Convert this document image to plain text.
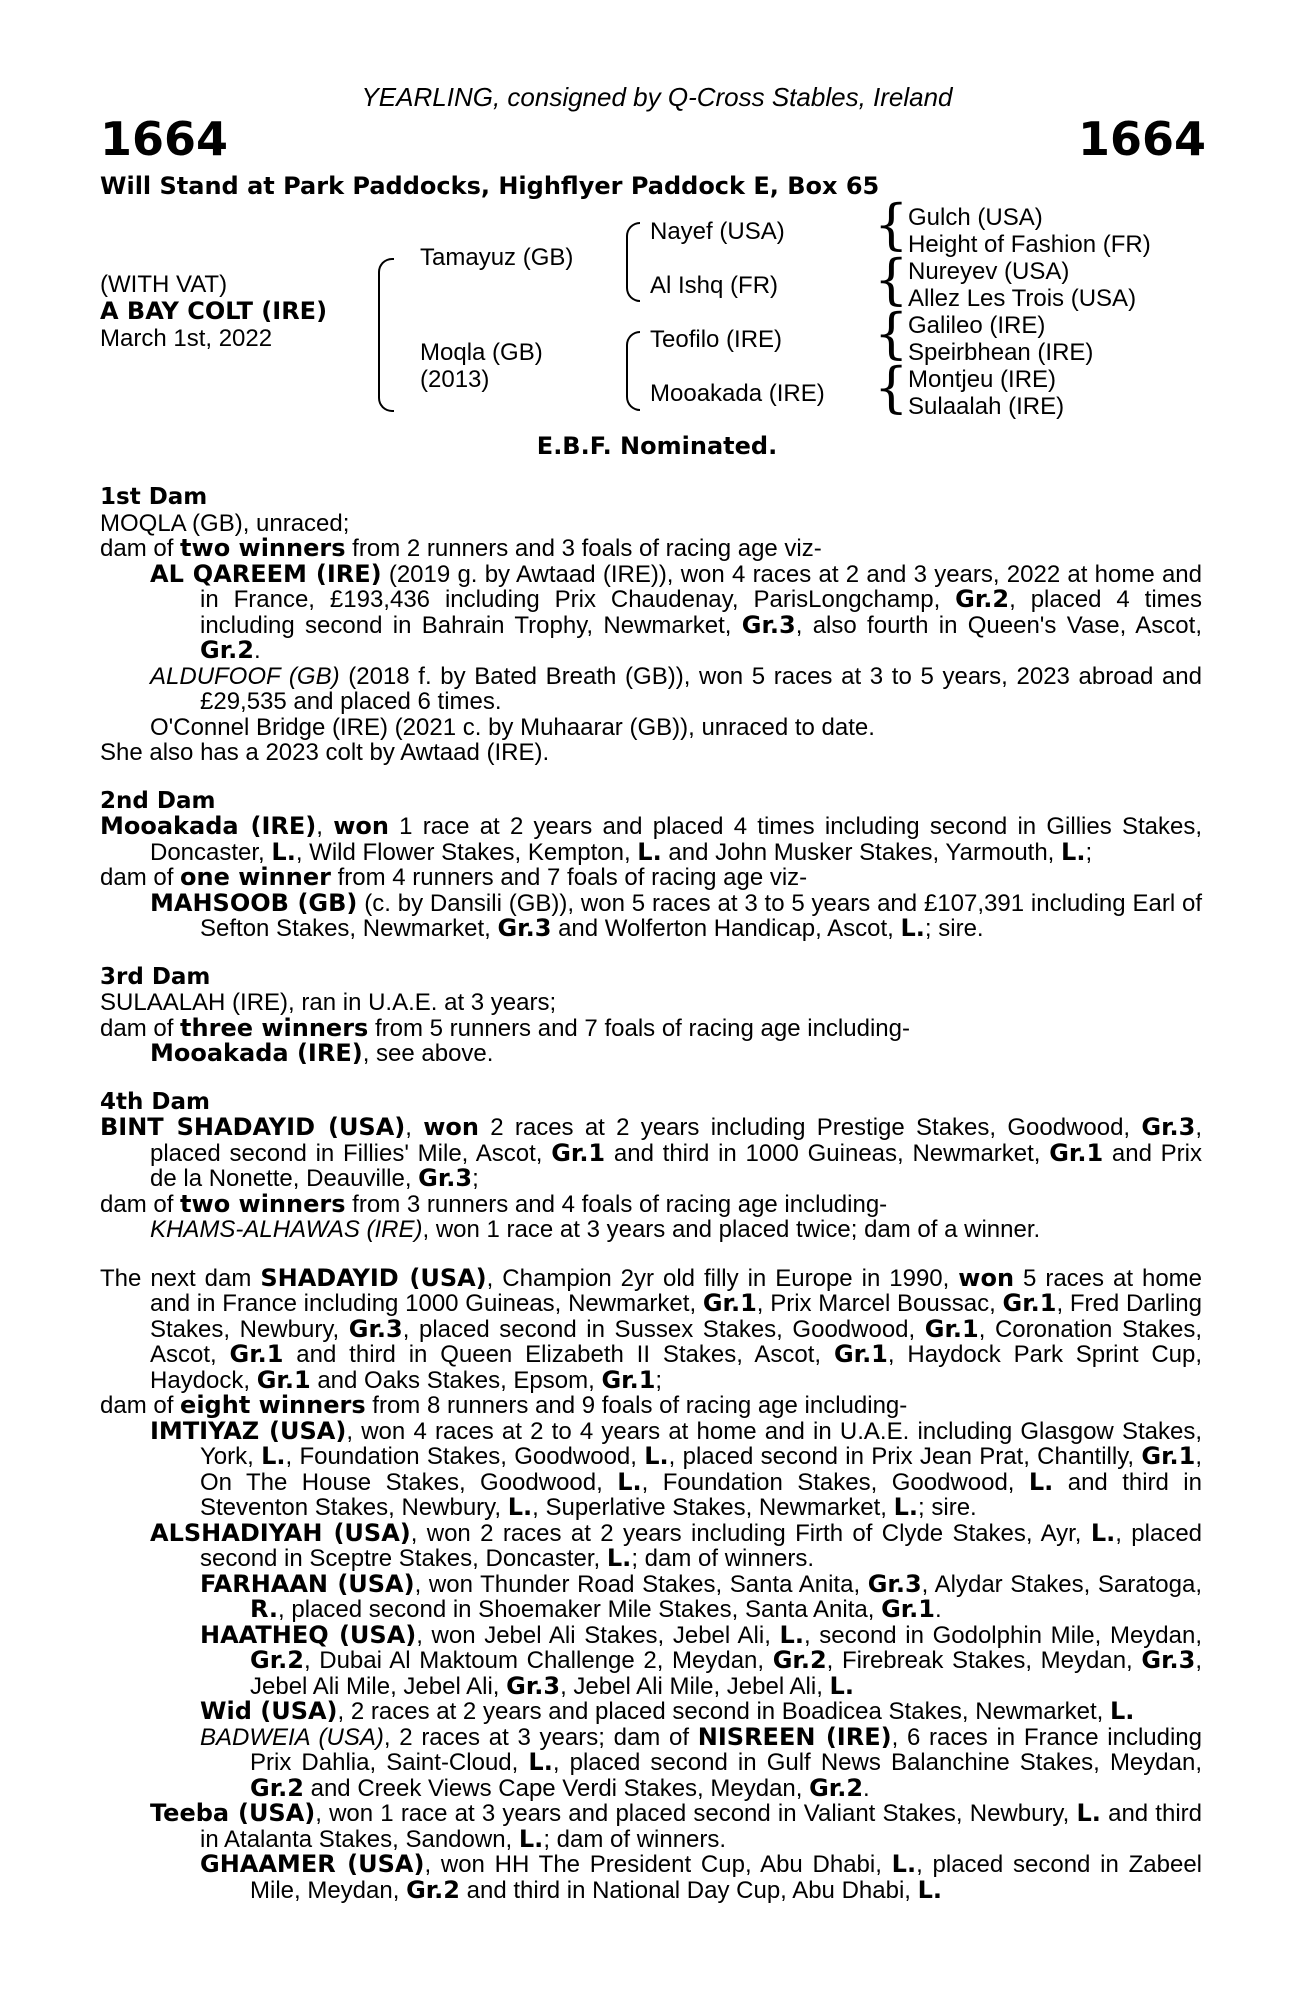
YEARLING, consigned by Q-Cross Stables, Ireland
1664	1664
Will Stand at Park Paddocks, Highflyer Paddock E, Box 65
(WITH VAT)
A BAY COLT (IRE)
March 1st, 2022
{
{
{
{
Tamayuz (GB)
Moqla (GB)
(2013)
Nayef (USA)
Al Ishq (FR)
Teofilo (IRE)
Mooakada (IRE)
Gulch (USA)
Height of Fashion (FR)
Nureyev (USA)
Allez Les Trois (USA)
Galileo (IRE)
Speirbhean (IRE)
Montjeu (IRE)
Sulaalah (IRE)
E.B.F. Nominated.

1st Dam

MOQLA (GB), unraced;

dam of two winners from 2 runners and 3 foals of racing age viz-

AL QAREEM (IRE) (2019 g. by Awtaad (IRE)), won 4 races at 2 and 3 years, 2022 at home and in France, £193,436 including Prix Chaudenay, ParisLongchamp, Gr.2, placed 4 times including second in Bahrain Trophy, Newmarket, Gr.3, also fourth in Queen's Vase, Ascot, Gr.2.

ALDUFOOF (GB) (2018 f. by Bated Breath (GB)), won 5 races at 3 to 5 years, 2023 abroad and £29,535 and placed 6 times.

O'Connel Bridge (IRE) (2021 c. by Muhaarar (GB)), unraced to date.

She also has a 2023 colt by Awtaad (IRE).

2nd Dam

Mooakada (IRE), won 1 race at 2 years and placed 4 times including second in Gillies Stakes, Doncaster, L., Wild Flower Stakes, Kempton, L. and John Musker Stakes, Yarmouth, L.;

dam of one winner from 4 runners and 7 foals of racing age viz-

MAHSOOB (GB) (c. by Dansili (GB)), won 5 races at 3 to 5 years and £107,391 including Earl of Sefton Stakes, Newmarket, Gr.3 and Wolferton Handicap, Ascot, L.; sire.

3rd Dam

SULAALAH (IRE), ran in U.A.E. at 3 years;

dam of three winners from 5 runners and 7 foals of racing age including-

Mooakada (IRE), see above.

4th Dam

BINT SHADAYID (USA), won 2 races at 2 years including Prestige Stakes, Goodwood, Gr.3, placed second in Fillies' Mile, Ascot, Gr.1 and third in 1000 Guineas, Newmarket, Gr.1 and Prix de la Nonette, Deauville, Gr.3;

dam of two winners from 3 runners and 4 foals of racing age including-

KHAMS-ALHAWAS (IRE), won 1 race at 3 years and placed twice; dam of a winner.

The next dam SHADAYID (USA), Champion 2yr old filly in Europe in 1990, won 5 races at home and in France including 1000 Guineas, Newmarket, Gr.1, Prix Marcel Boussac, Gr.1, Fred Darling Stakes, Newbury, Gr.3, placed second in Sussex Stakes, Goodwood, Gr.1, Coronation Stakes, Ascot, Gr.1 and third in Queen Elizabeth II Stakes, Ascot, Gr.1, Haydock Park Sprint Cup, Haydock, Gr.1 and Oaks Stakes, Epsom, Gr.1;

dam of eight winners from 8 runners and 9 foals of racing age including-

IMTIYAZ (USA), won 4 races at 2 to 4 years at home and in U.A.E. including Glasgow Stakes, York, L., Foundation Stakes, Goodwood, L., placed second in Prix Jean Prat, Chantilly, Gr.1, On The House Stakes, Goodwood, L., Foundation Stakes, Goodwood, L. and third in Steventon Stakes, Newbury, L., Superlative Stakes, Newmarket, L.; sire.

ALSHADIYAH (USA), won 2 races at 2 years including Firth of Clyde Stakes, Ayr, L., placed second in Sceptre Stakes, Doncaster, L.; dam of winners.

FARHAAN (USA), won Thunder Road Stakes, Santa Anita, Gr.3, Alydar Stakes, Saratoga, R., placed second in Shoemaker Mile Stakes, Santa Anita, Gr.1.

HAATHEQ (USA), won Jebel Ali Stakes, Jebel Ali, L., second in Godolphin Mile, Meydan, Gr.2, Dubai Al Maktoum Challenge 2, Meydan, Gr.2, Firebreak Stakes, Meydan, Gr.3, Jebel Ali Mile, Jebel Ali, Gr.3, Jebel Ali Mile, Jebel Ali, L.

Wid (USA), 2 races at 2 years and placed second in Boadicea Stakes, Newmarket, L.

BADWEIA (USA), 2 races at 3 years; dam of NISREEN (IRE), 6 races in France including Prix Dahlia, Saint-Cloud, L., placed second in Gulf News Balanchine Stakes, Meydan, Gr.2 and Creek Views Cape Verdi Stakes, Meydan, Gr.2.

Teeba (USA), won 1 race at 3 years and placed second in Valiant Stakes, Newbury, L. and third in Atalanta Stakes, Sandown, L.; dam of winners.

GHAAMER (USA), won HH The President Cup, Abu Dhabi, L., placed second in Zabeel Mile, Meydan, Gr.2 and third in National Day Cup, Abu Dhabi, L.
